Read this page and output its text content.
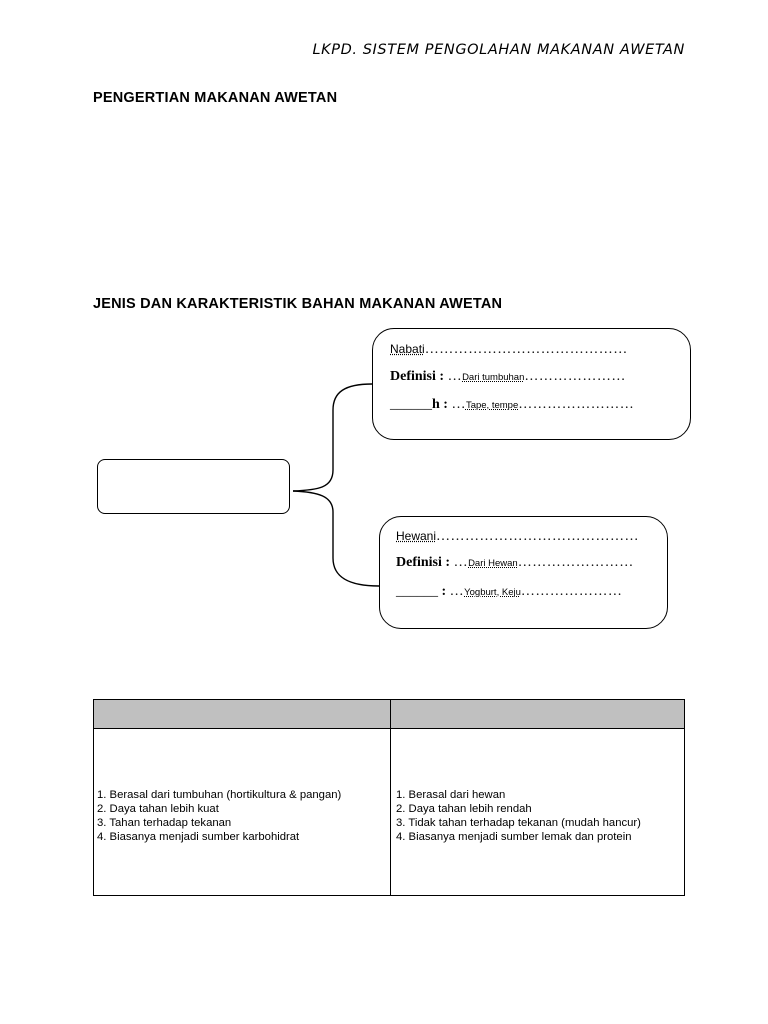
LKPD. SISTEM PENGOLAHAN MAKANAN AWETAN
PENGERTIAN MAKANAN AWETAN
JENIS DAN KARAKTERISTIK BAHAN MAKANAN AWETAN
Nabati……………………………………
Definisi : …Dari tumbuhan…………………
______h : …Tape, tempe……………………
Hewani……………………………………
Definisi : …Dari Hewan……………………
______ : …Yogburt, Keju…………………
1. Berasal dari tumbuhan (hortikultura & pangan)
2. Daya tahan lebih kuat
3. Tahan terhadap tekanan
4. Biasanya menjadi sumber karbohidrat
1. Berasal dari hewan
2. Daya tahan lebih rendah
3. Tidak tahan terhadap tekanan (mudah hancur)
4. Biasanya menjadi sumber lemak dan protein
